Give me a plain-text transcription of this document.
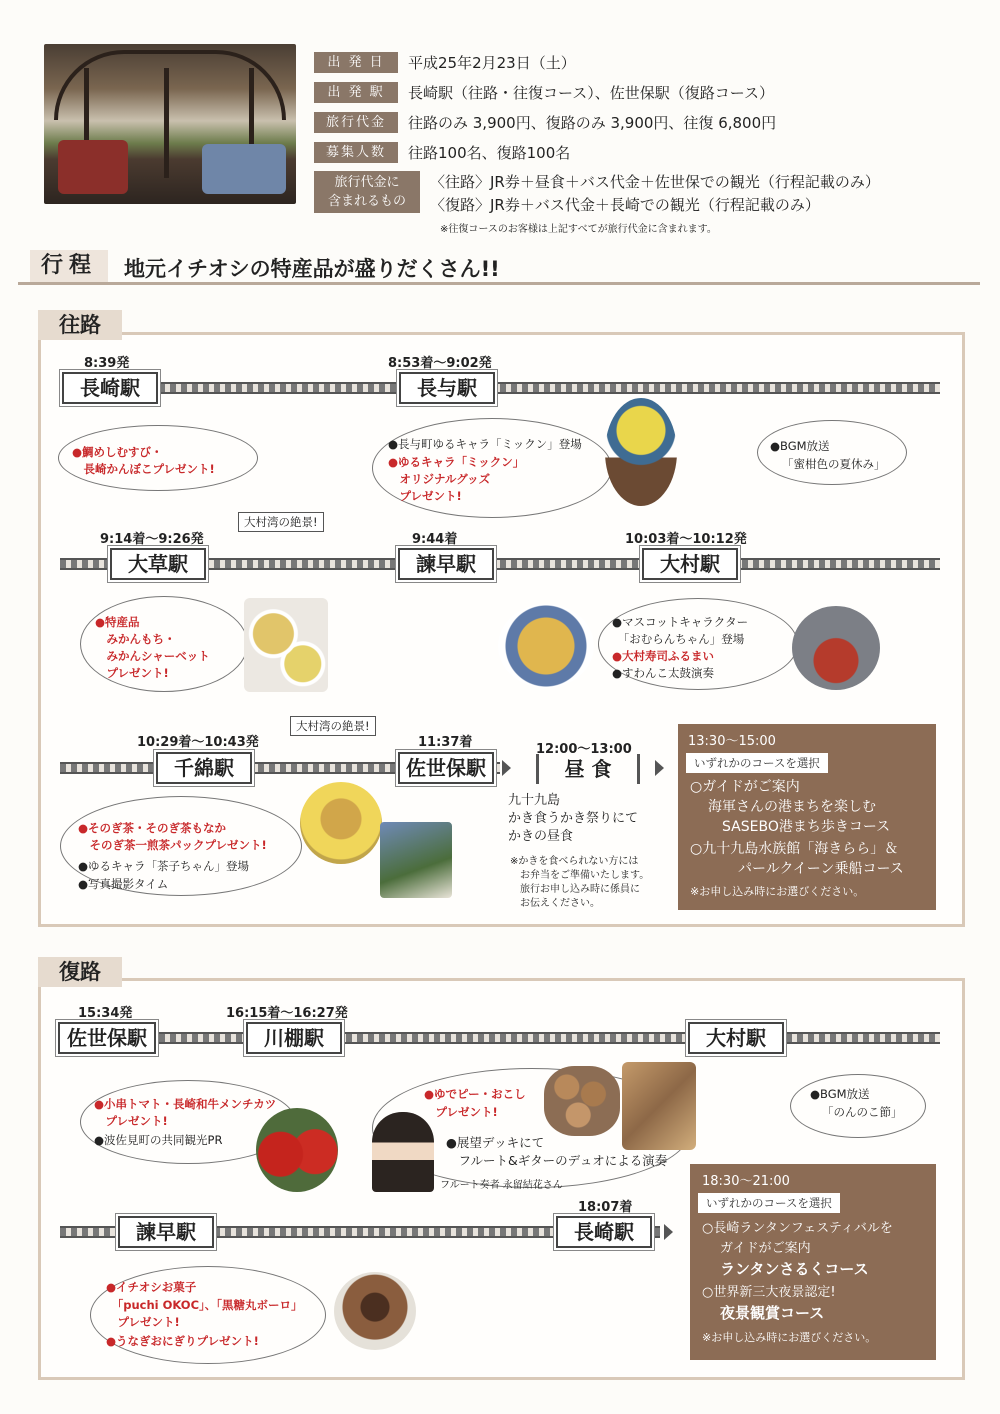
出 発 日	平成25年2月23日（土）
出 発 駅	長崎駅（往路・往復コース）、佐世保駅（復路コース）
旅行代金	往路のみ 3,900円、復路のみ 3,900円、往復 6,800円
募集人数	往路100名、復路100名
旅行代金に
含まれるもの
〈往路〉JR券＋昼食＋バス代金＋佐世保での観光（行程記載のみ）
〈復路〉JR券＋バス代金＋長崎での観光（行程記載のみ）
※往復コースのお客様は上記すべてが旅行代金に含まれます。
行程	地元イチオシの特産品が盛りだくさん!!
往路
8:39発
長崎駅
8:53着～9:02発
長与駅
●鯛めしむすび・
　長崎かんぼこプレゼント!
●長与町ゆるキャラ「ミックン」登場
●ゆるキャラ「ミックン」
　オリジナルグッズ
　プレゼント!
●BGM放送
「蜜柑色の夏休み」
9:14着～9:26発
大草駅
大村湾の絶景!
9:44着
諫早駅
10:03着～10:12発
大村駅
●特産品
　みかんもち・
　みかんシャーベット
　プレゼント!
●マスコットキャラクター
　「おむらんちゃん」登場
●大村寿司ふるまい
●すわんこ太鼓演奏
10:29着～10:43発
千綿駅
大村湾の絶景!
11:37着
佐世保駅
12:00～13:00
昼 食
九十九島
かき食うかき祭りにて
かきの昼食
※かきを食べられない方には
お弁当をご準備いたします。
旅行お申し込み時に係員に
お伝えください。
●そのぎ茶・そのぎ茶もなか
　そのぎ茶一煎茶パックプレゼント!
●ゆるキャラ「茶子ちゃん」登場
●写真撮影タイム
13:30～15:00
いずれかのコースを選択
○ガイドがご案内
海軍さんの港まちを楽しむ
SASEBO港まち歩きコース
○九十九島水族館「海きらら」＆
パールクイーン乗船コース
※お申し込み時にお選びください。
復路
15:34発
佐世保駅
16:15着～16:27発
川棚駅	大村駅
●小串トマト・長崎和牛メンチカツ
　プレゼント!
●波佐見町の共同観光PR
●ゆでピー・おこし
　プレゼント!
●展望デッキにて
　フルート&ギターのデュオによる演奏
フルート奏者 永留結花さん
●BGM放送
「のんのこ節」
諫早駅
18:07着
長崎駅
●イチオシお菓子
　「puchi OKOC」、「黒糖丸ボーロ」
　プレゼント!
●うなぎおにぎりプレゼント!
18:30～21:00
いずれかのコースを選択
○長崎ランタンフェスティバルを
ガイドがご案内
ランタンさるくコース
○世界新三大夜景認定!
夜景観賞コース
※お申し込み時にお選びください。
